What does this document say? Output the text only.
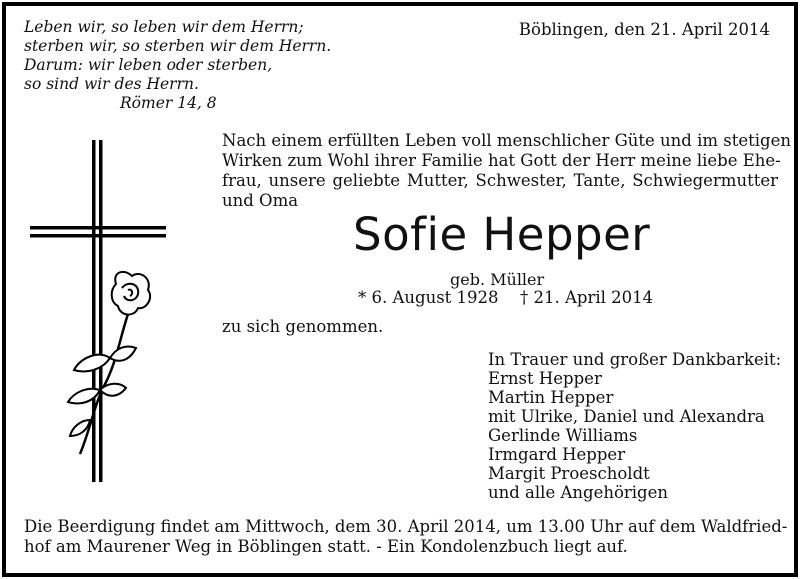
Leben wir, so leben wir dem Herrn;
sterben wir, so sterben wir dem Herrn.
Darum: wir leben oder sterben,
so sind wir des Herrn.
Römer 14, 8
Böblingen, den 21. April 2014
Nach einem erfüllten Leben voll menschlicher Güte und im stetigen
Wirken zum Wohl ihrer Familie hat Gott der Herr meine liebe Ehe-
frau, unsere geliebte Mutter, Schwester, Tante, Schwiegermutter
und Oma
Sofie Hepper
geb. Müller
* 6. August 1928 † 21. April 2014
zu sich genommen.
In Trauer und großer Dankbarkeit:
Ernst Hepper
Martin Hepper
mit Ulrike, Daniel und Alexandra
Gerlinde Williams
Irmgard Hepper
Margit Proescholdt
und alle Angehörigen
Die Beerdigung findet am Mittwoch, dem 30. April 2014, um 13.00 Uhr auf dem Waldfried-
hof am Maurener Weg in Böblingen statt. - Ein Kondolenzbuch liegt auf.
